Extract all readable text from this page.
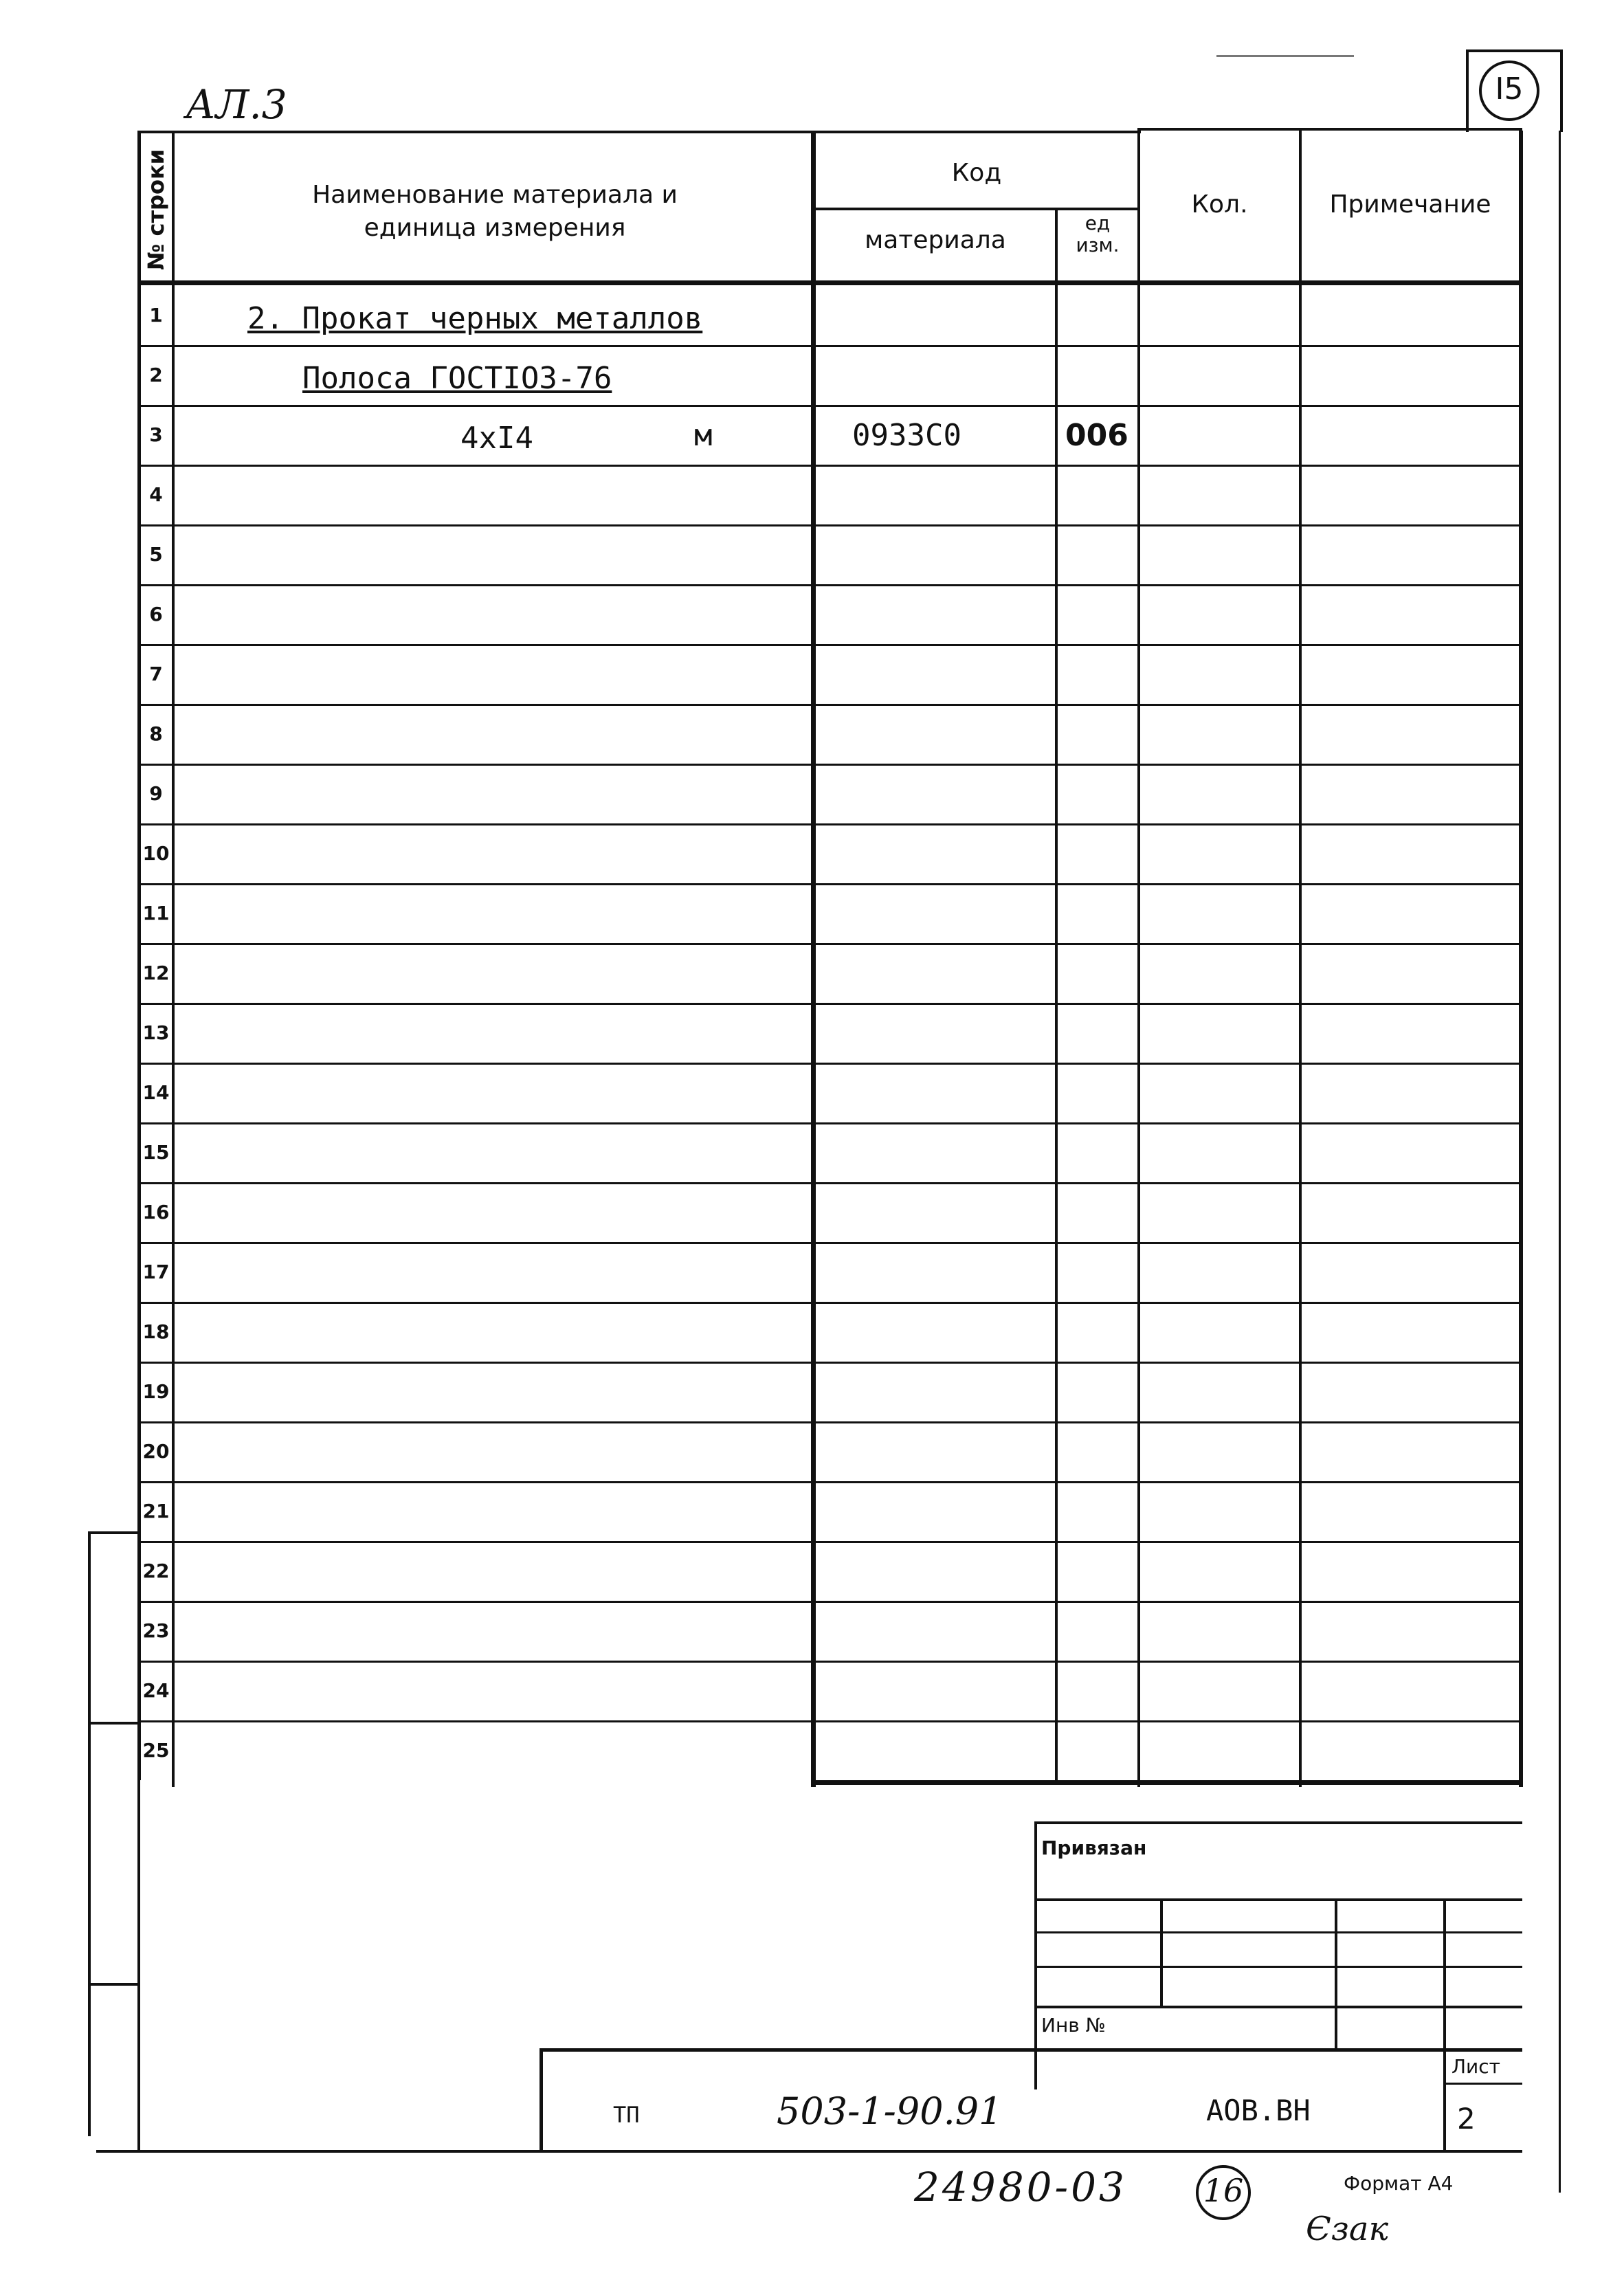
АЛ.3	I5
№ строки	Наименование материала и
единица измерения
Код
материала
ед
изм.
Кол.	Примечание
1	2. Прокат черных металлов
2	Полоса ГОСТIO3-76
3	4xI4	м	0933C0	006
4
5
6
7
8
9
10
11
12
13
14
15
16
17
18
19
20
21
22
23
24
25
Привязан
Инв №
ТП	503-1-90.91	АОВ.ВН
Лист
2
24980-03 16	Формат А4
Єзак
